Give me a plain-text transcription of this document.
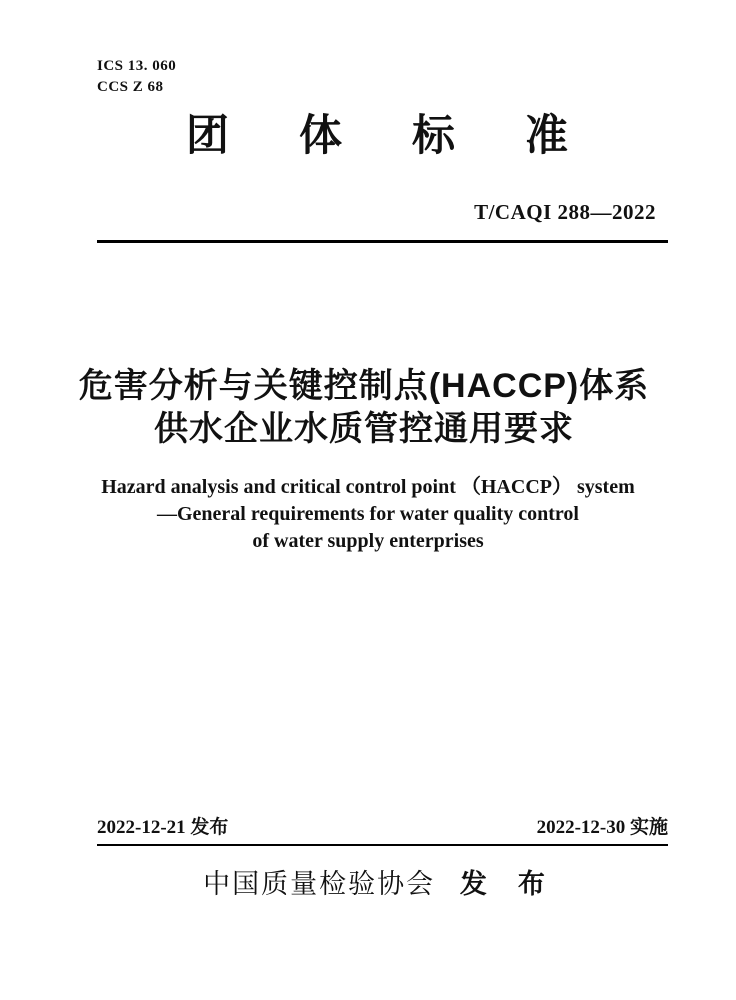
ICS 13. 060
CCS Z 68
团 体 标 准
T/CAQI 288—2022
危害分析与关键控制点(HACCP)体系
供水企业水质管控通用要求
Hazard analysis and critical control point （HACCP） system
—General requirements for water quality control
of water supply enterprises
2022-12-21 发布	2022-12-30 实施
中国质量检验协会 发　布
